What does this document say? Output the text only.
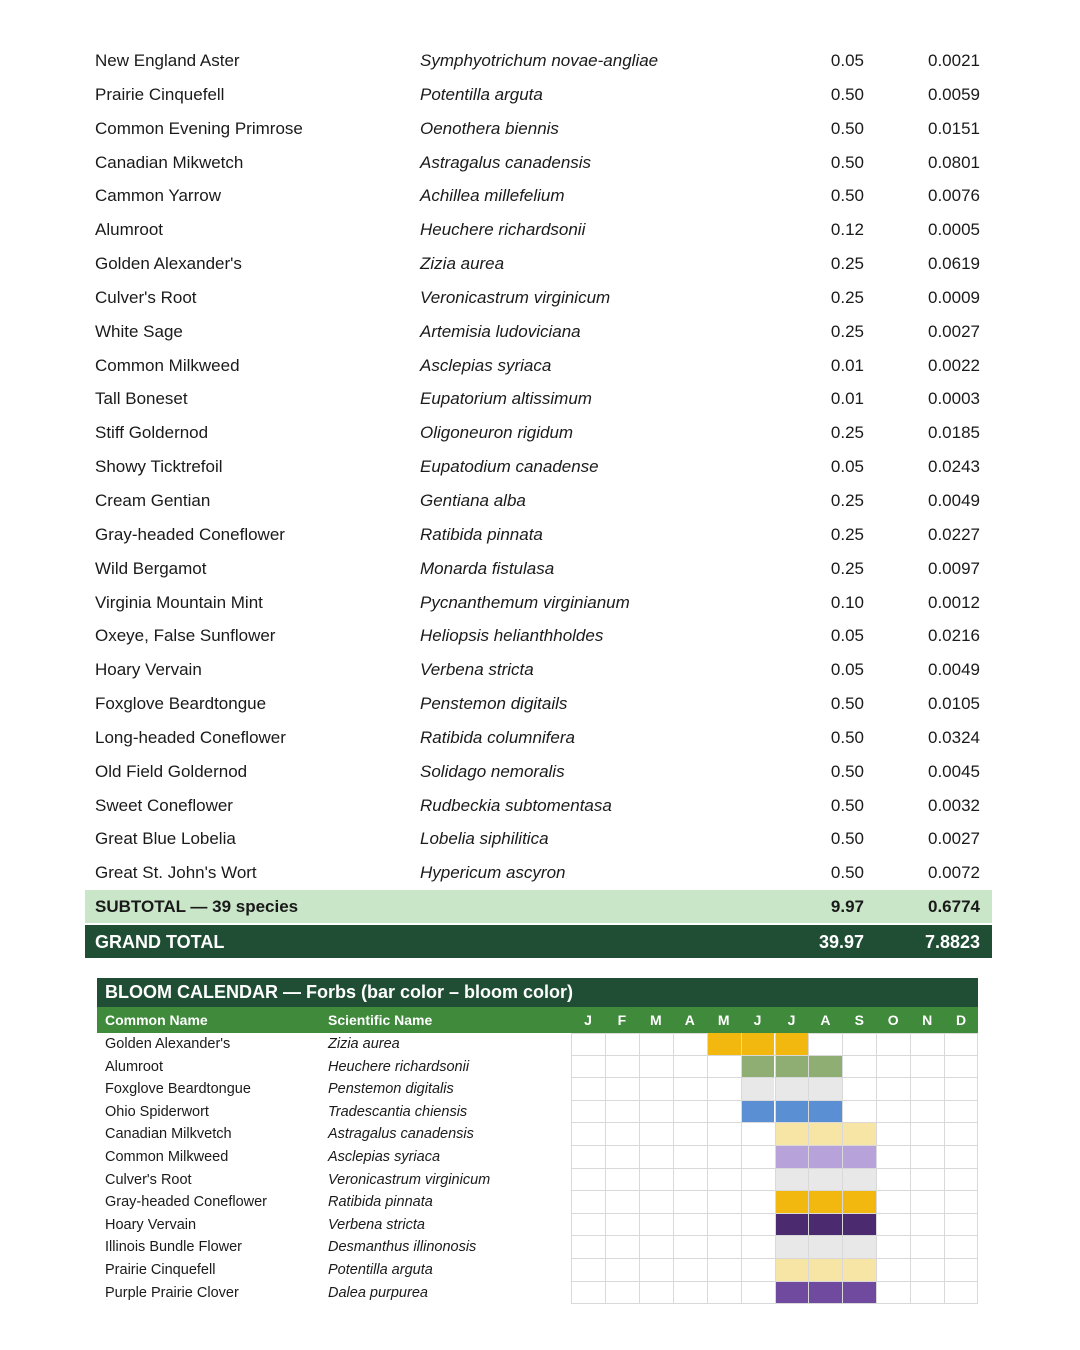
New England Aster	Symphyotrichum novae-angliae	0.05	0.0021
Prairie Cinquefell	Potentilla arguta	0.50	0.0059
Common Evening Primrose	Oenothera biennis	0.50	0.0151
Canadian Mikwetch	Astragalus canadensis	0.50	0.0801
Cammon Yarrow	Achillea millefelium	0.50	0.0076
Alumroot	Heuchere richardsonii	0.12	0.0005
Golden Alexander's	Zizia aurea	0.25	0.0619
Culver's Root	Veronicastrum virginicum	0.25	0.0009
White Sage	Artemisia ludoviciana	0.25	0.0027
Common Milkweed	Asclepias syriaca	0.01	0.0022
Tall Boneset	Eupatorium altissimum	0.01	0.0003
Stiff Goldernod	Oligoneuron rigidum	0.25	0.0185
Showy Ticktrefoil	Eupatodium canadense	0.05	0.0243
Cream Gentian	Gentiana alba	0.25	0.0049
Gray-headed Coneflower	Ratibida pinnata	0.25	0.0227
Wild Bergamot	Monarda fistulasa	0.25	0.0097
Virginia Mountain Mint	Pycnanthemum virginianum	0.10	0.0012
Oxeye, False Sunflower	Heliopsis helianthholdes	0.05	0.0216
Hoary Vervain	Verbena stricta	0.05	0.0049
Foxglove Beardtongue	Penstemon digitails	0.50	0.0105
Long-headed Coneflower	Ratibida columnifera	0.50	0.0324
Old Field Goldernod	Solidago nemoralis	0.50	0.0045
Sweet Coneflower	Rudbeckia subtomentasa	0.50	0.0032
Great Blue Lobelia	Lobelia siphilitica	0.50	0.0027
Great St. John's Wort	Hypericum ascyron	0.50	0.0072
SUBTOTAL — 39 species	9.97	0.6774
GRAND TOTAL	39.97	7.8823
BLOOM CALENDAR — Forbs (bar color – bloom color)
Common Name	Scientific Name	J	F	M	A	M	J	J	A	S	O	N	D
Golden Alexander's	Zizia aurea
Alumroot	Heuchere richardsonii
Foxglove Beardtongue	Penstemon digitalis
Ohio Spiderwort	Tradescantia chiensis
Canadian Milkvetch	Astragalus canadensis
Common Milkweed	Asclepias syriaca
Culver's Root	Veronicastrum virginicum
Gray-headed Coneflower	Ratibida pinnata
Hoary Vervain	Verbena stricta
Illinois Bundle Flower	Desmanthus illinonosis
Prairie Cinquefell	Potentilla arguta
Purple Prairie Clover	Dalea purpurea
